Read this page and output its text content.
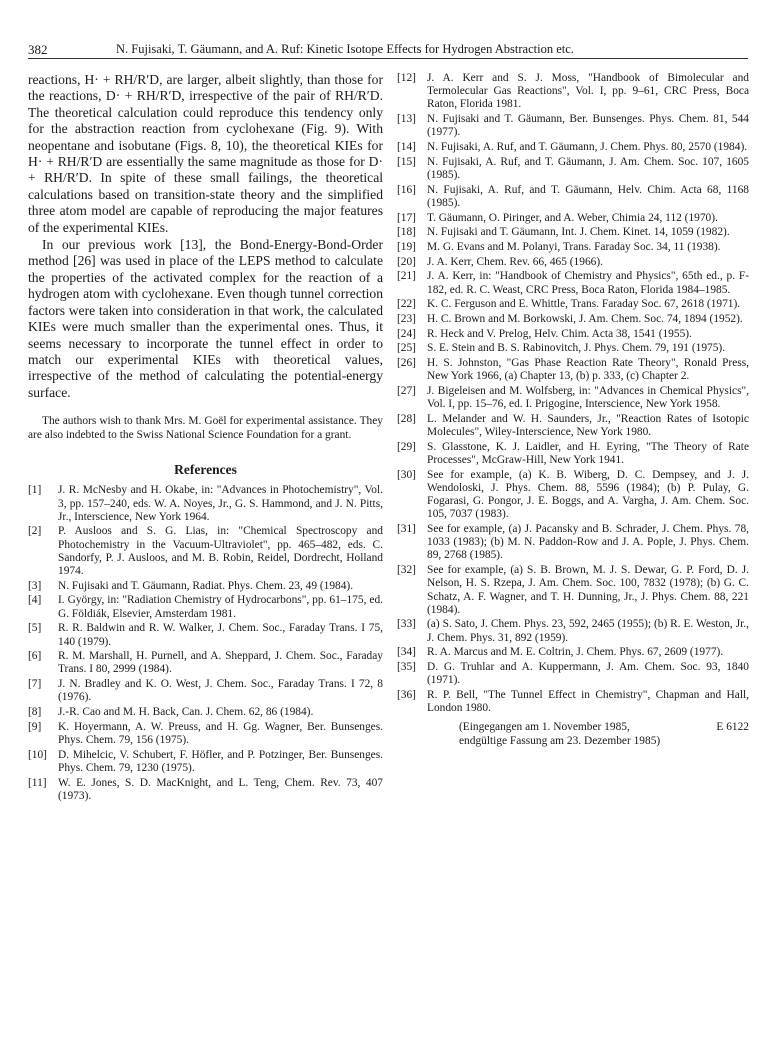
382	N. Fujisaki, T. Gäumann, and A. Ruf: Kinetic Isotope Effects for Hydrogen Abstraction etc.

reactions, H· + RH/R′D, are larger, albeit slightly, than those for the reactions, D· + RH/R′D, irrespective of the pair of RH/R′D. The theoretical calculation could reproduce this tendency only for the abstraction reaction from cyclohexane (Fig. 9). With neopentane and isobutane (Figs. 8, 10), the theoretical KIEs for H· + RH/R′D are essentially the same magnitude as those for D· + RH/R′D. In spite of these small failings, the theoretical calculations based on transition-state theory and the simplified three atom model are capable of reproducing the major features of the experimental KIEs.

In our previous work [13], the Bond-Energy-Bond-Order method [26] was used in place of the LEPS method to calculate the properties of the activated complex for the reaction of a hydrogen atom with cyclohexane. Even though tunnel correction factors were taken into consideration in that work, the calculated KIEs were much smaller than the experimental ones. Thus, it seems necessary to incorporate the tunnel effect in order to match our experimental KIEs with theoretical values, irrespective of the method of calculating the potential-energy surface.

The authors wish to thank Mrs. M. Goël for experimental assistance. They are also indebted to the Swiss National Science Foundation for a grant.

References
[1]	J. R. McNesby and H. Okabe, in: "Advances in Photochemistry", Vol. 3, pp. 157–240, eds. W. A. Noyes, Jr., G. S. Hammond, and J. N. Pitts, Jr., Interscience, New York 1964.
[2]	P. Ausloos and S. G. Lias, in: "Chemical Spectroscopy and Photochemistry in the Vacuum-Ultraviolet", pp. 465–482, eds. C. Sandorfy, P. J. Ausloos, and M. B. Robin, Reidel, Dordrecht, Holland 1974.
[3]	N. Fujisaki and T. Gäumann, Radiat. Phys. Chem. 23, 49 (1984).
[4]	I. György, in: "Radiation Chemistry of Hydrocarbons", pp. 61–175, ed. G. Földiák, Elsevier, Amsterdam 1981.
[5]	R. R. Baldwin and R. W. Walker, J. Chem. Soc., Faraday Trans. I 75, 140 (1979).
[6]	R. M. Marshall, H. Purnell, and A. Sheppard, J. Chem. Soc., Faraday Trans. I 80, 2999 (1984).
[7]	J. N. Bradley and K. O. West, J. Chem. Soc., Faraday Trans. I 72, 8 (1976).
[8]	J.-R. Cao and M. H. Back, Can. J. Chem. 62, 86 (1984).
[9]	K. Hoyermann, A. W. Preuss, and H. Gg. Wagner, Ber. Bunsenges. Phys. Chem. 79, 156 (1975).
[10] D. Mihelcic, V. Schubert, F. Höfler, and P. Potzinger, Ber. Bunsenges. Phys. Chem. 79, 1230 (1975).
[11]	W. E. Jones, S. D. MacKnight, and L. Teng, Chem. Rev. 73, 407 (1973).
[12] J. A. Kerr and S. J. Moss, "Handbook of Bimolecular and Termolecular Gas Reactions", Vol. I, pp. 9–61, CRC Press, Boca Raton, Florida 1981.
[13] N. Fujisaki and T. Gäumann, Ber. Bunsenges. Phys. Chem. 81, 544 (1977).
[14] N. Fujisaki, A. Ruf, and T. Gäumann, J. Chem. Phys. 80, 2570 (1984).
[15] N. Fujisaki, A. Ruf, and T. Gäumann, J. Am. Chem. Soc. 107, 1605 (1985).
[16] N. Fujisaki, A. Ruf, and T. Gäumann, Helv. Chim. Acta 68, 1168 (1985).
[17] T. Gäumann, O. Piringer, and A. Weber, Chimia 24, 112 (1970).
[18] N. Fujisaki and T. Gäumann, Int. J. Chem. Kinet. 14, 1059 (1982).
[19] M. G. Evans and M. Polanyi, Trans. Faraday Soc. 34, 11 (1938).
[20] J. A. Kerr, Chem. Rev. 66, 465 (1966).
[21] J. A. Kerr, in: "Handbook of Chemistry and Physics", 65th ed., p. F-182, ed. R. C. Weast, CRC Press, Boca Raton, Florida 1984–1985.
[22] K. C. Ferguson and E. Whittle, Trans. Faraday Soc. 67, 2618 (1971).
[23] H. C. Brown and M. Borkowski, J. Am. Chem. Soc. 74, 1894 (1952).
[24] R. Heck and V. Prelog, Helv. Chim. Acta 38, 1541 (1955).
[25] S. E. Stein and B. S. Rabinovitch, J. Phys. Chem. 79, 191 (1975).
[26] H. S. Johnston, "Gas Phase Reaction Rate Theory", Ronald Press, New York 1966, (a) Chapter 13, (b) p. 333, (c) Chapter 2.
[27] J. Bigeleisen and M. Wolfsberg, in: "Advances in Chemical Physics", Vol. I, pp. 15–76, ed. I. Prigogine, Interscience, New York 1958.
[28] L. Melander and W. H. Saunders, Jr., "Reaction Rates of Isotopic Molecules", Wiley-Interscience, New York 1980.
[29] S. Glasstone, K. J. Laidler, and H. Eyring, "The Theory of Rate Processes", McGraw-Hill, New York 1941.
[30] See for example, (a) K. B. Wiberg, D. C. Dempsey, and J. J. Wendoloski, J. Phys. Chem. 88, 5596 (1984); (b) P. Pulay, G. Fogarasi, G. Pongor, J. E. Boggs, and A. Vargha, J. Am. Chem. Soc. 105, 7037 (1983).
[31] See for example, (a) J. Pacansky and B. Schrader, J. Chem. Phys. 78, 1033 (1983); (b) M. N. Paddon-Row and J. A. Pople, J. Phys. Chem. 89, 2768 (1985).
[32] See for example, (a) S. B. Brown, M. J. S. Dewar, G. P. Ford, D. J. Nelson, H. S. Rzepa, J. Am. Chem. Soc. 100, 7832 (1978); (b) G. C. Schatz, A. F. Wagner, and T. H. Dunning, Jr., J. Phys. Chem. 88, 221 (1984).
[33] (a) S. Sato, J. Chem. Phys. 23, 592, 2465 (1955); (b) R. E. Weston, Jr., J. Chem. Phys. 31, 892 (1959).
[34] R. A. Marcus and M. E. Coltrin, J. Chem. Phys. 67, 2609 (1977).
[35] D. G. Truhlar and A. Kuppermann, J. Am. Chem. Soc. 93, 1840 (1971).
[36] R. P. Bell, "The Tunnel Effect in Chemistry", Chapman and Hall, London 1980.
(Eingegangen am 1. November 1985,
endgültige Fassung am 23. Dezember 1985)
E 6122
